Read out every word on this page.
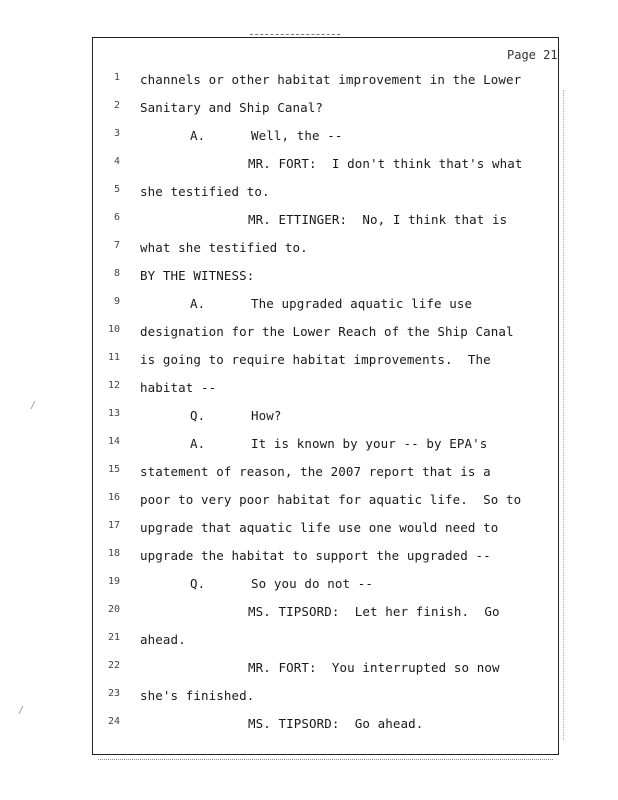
/
/
Page 21
1 channels or other habitat improvement in the Lower
2 Sanitary and Ship Canal?
3	A.      Well, the --
4	MR. FORT:  I don't think that's what
5 she testified to.
6	MR. ETTINGER:  No, I think that is
7 what she testified to.
8 BY THE WITNESS:
9	A.      The upgraded aquatic life use
10 designation for the Lower Reach of the Ship Canal
11 is going to require habitat improvements.  The
12 habitat --
13	Q.      How?
14	A.      It is known by your -- by EPA's
15 statement of reason, the 2007 report that is a
16 poor to very poor habitat for aquatic life.  So to
17 upgrade that aquatic life use one would need to
18 upgrade the habitat to support the upgraded --
19	Q.      So you do not --
20	MS. TIPSORD:  Let her finish.  Go
21 ahead.
22	MR. FORT:  You interrupted so now
23 she's finished.
24	MS. TIPSORD:  Go ahead.
